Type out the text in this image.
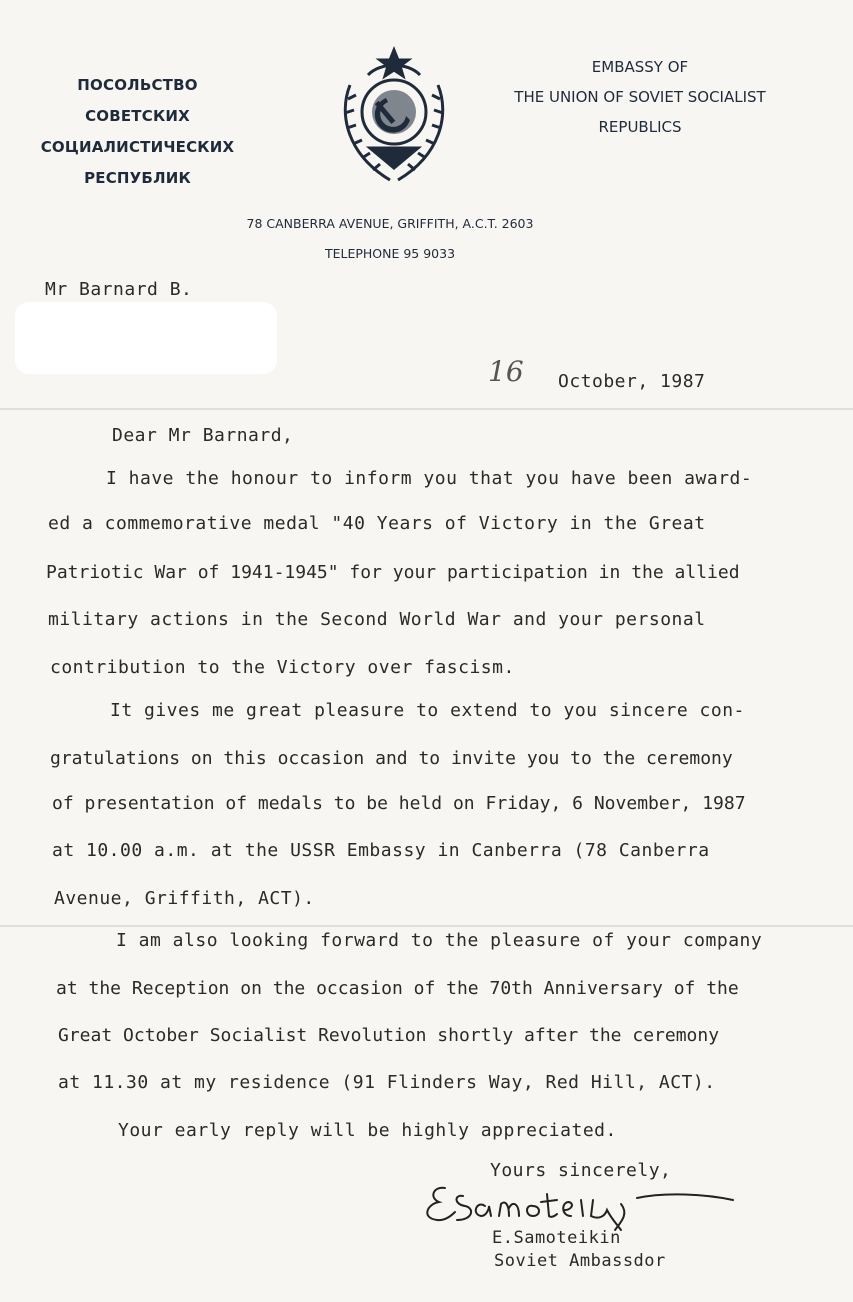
ПОСОЛЬСТВО
СОВЕТСКИХ СОЦИАЛИСТИЧЕСКИХ
РЕСПУБЛИК
EMBASSY OF
THE UNION OF SOVIET SOCIALIST
REPUBLICS
78 CANBERRA AVENUE, GRIFFITH, A.C.T. 2603
TELEPHONE 95 9033
Mr Barnard B.
16 October, 1987
Dear Mr Barnard,
I have the honour to inform you that you have been award-
ed a commemorative medal "40 Years of Victory in the Great
Patriotic War of 1941-1945" for your participation in the allied
military actions in the Second World War and your personal
contribution to the Victory over fascism.
It gives me great pleasure to extend to you sincere con-
gratulations on this occasion and to invite you to the ceremony
of presentation of medals to be held on Friday, 6 November, 1987
at 10.00 a.m. at the USSR Embassy in Canberra (78 Canberra
Avenue, Griffith, ACT).
I am also looking forward to the pleasure of your company
at the Reception on the occasion of the 70th Anniversary of the
Great October Socialist Revolution shortly after the ceremony
at 11.30 at my residence (91 Flinders Way, Red Hill, ACT).
Your early reply will be highly appreciated.
Yours sincerely,
E.Samoteikin
Soviet Ambassdor
